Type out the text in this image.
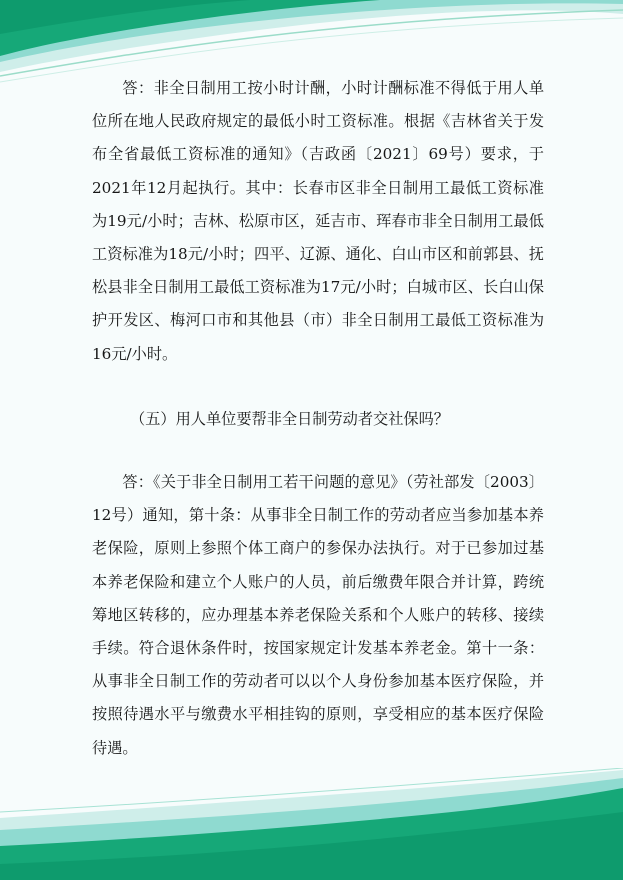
答：非全日制用工按小时计酬，小时计酬标准不得低于用人单位所在地人民政府规定的最低小时工资标准。根据《吉林省关于发布全省最低工资标准的通知》（吉政函〔2021〕69号）要求，于2021年12月起执行。其中：长春市区非全日制用工最低工资标准为19元/小时；吉林、松原市区，延吉市、珲春市非全日制用工最低工资标准为18元/小时；四平、辽源、通化、白山市区和前郭县、抚松县非全日制用工最低工资标准为17元/小时；白城市区、长白山保护开发区、梅河口市和其他县（市）非全日制用工最低工资标准为16元/小时。

（五）用人单位要帮非全日制劳动者交社保吗？

答：《关于非全日制用工若干问题的意见》（劳社部发〔2003〕12号）通知，第十条：从事非全日制工作的劳动者应当参加基本养老保险，原则上参照个体工商户的参保办法执行。对于已参加过基本养老保险和建立个人账户的人员，前后缴费年限合并计算，跨统筹地区转移的，应办理基本养老保险关系和个人账户的转移、接续手续。符合退休条件时，按国家规定计发基本养老金。第十一条：从事非全日制工作的劳动者可以以个人身份参加基本医疗保险，并按照待遇水平与缴费水平相挂钩的原则，享受相应的基本医疗保险待遇。
